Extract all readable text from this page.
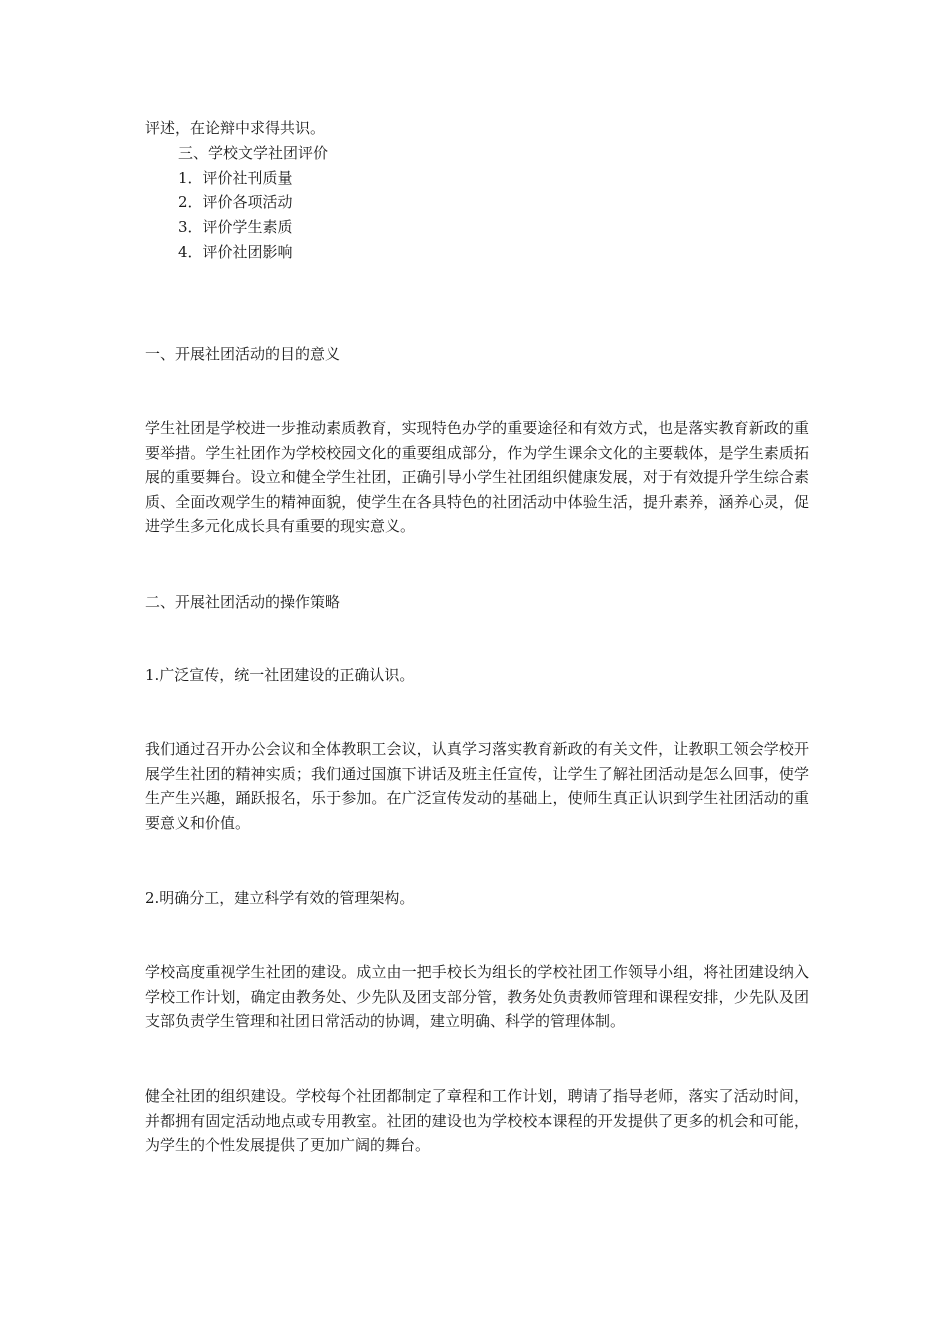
评述，在论辩中求得共识。
三、学校文学社团评价
1．评价社刊质量
2．评价各项活动
3．评价学生素质
4．评价社团影响
一、开展社团活动的目的意义
学生社团是学校进一步推动素质教育，实现特色办学的重要途径和有效方式，也是落实教育新政的重要举措。学生社团作为学校校园文化的重要组成部分，作为学生课余文化的主要载体，是学生素质拓展的重要舞台。设立和健全学生社团，正确引导小学生社团组织健康发展，对于有效提升学生综合素质、全面改观学生的精神面貌，使学生在各具特色的社团活动中体验生活，提升素养，涵养心灵，促进学生多元化成长具有重要的现实意义。
二、开展社团活动的操作策略
1.广泛宣传，统一社团建设的正确认识。
我们通过召开办公会议和全体教职工会议，认真学习落实教育新政的有关文件，让教职工领会学校开展学生社团的精神实质；我们通过国旗下讲话及班主任宣传，让学生了解社团活动是怎么回事，使学生产生兴趣，踊跃报名，乐于参加。在广泛宣传发动的基础上，使师生真正认识到学生社团活动的重要意义和价值。
2.明确分工，建立科学有效的管理架构。
学校高度重视学生社团的建设。成立由一把手校长为组长的学校社团工作领导小组，将社团建设纳入学校工作计划，确定由教务处、少先队及团支部分管，教务处负责教师管理和课程安排，少先队及团支部负责学生管理和社团日常活动的协调，建立明确、科学的管理体制。
健全社团的组织建设。学校每个社团都制定了章程和工作计划，聘请了指导老师，落实了活动时间，并都拥有固定活动地点或专用教室。社团的建设也为学校校本课程的开发提供了更多的机会和可能，为学生的个性发展提供了更加广阔的舞台。
